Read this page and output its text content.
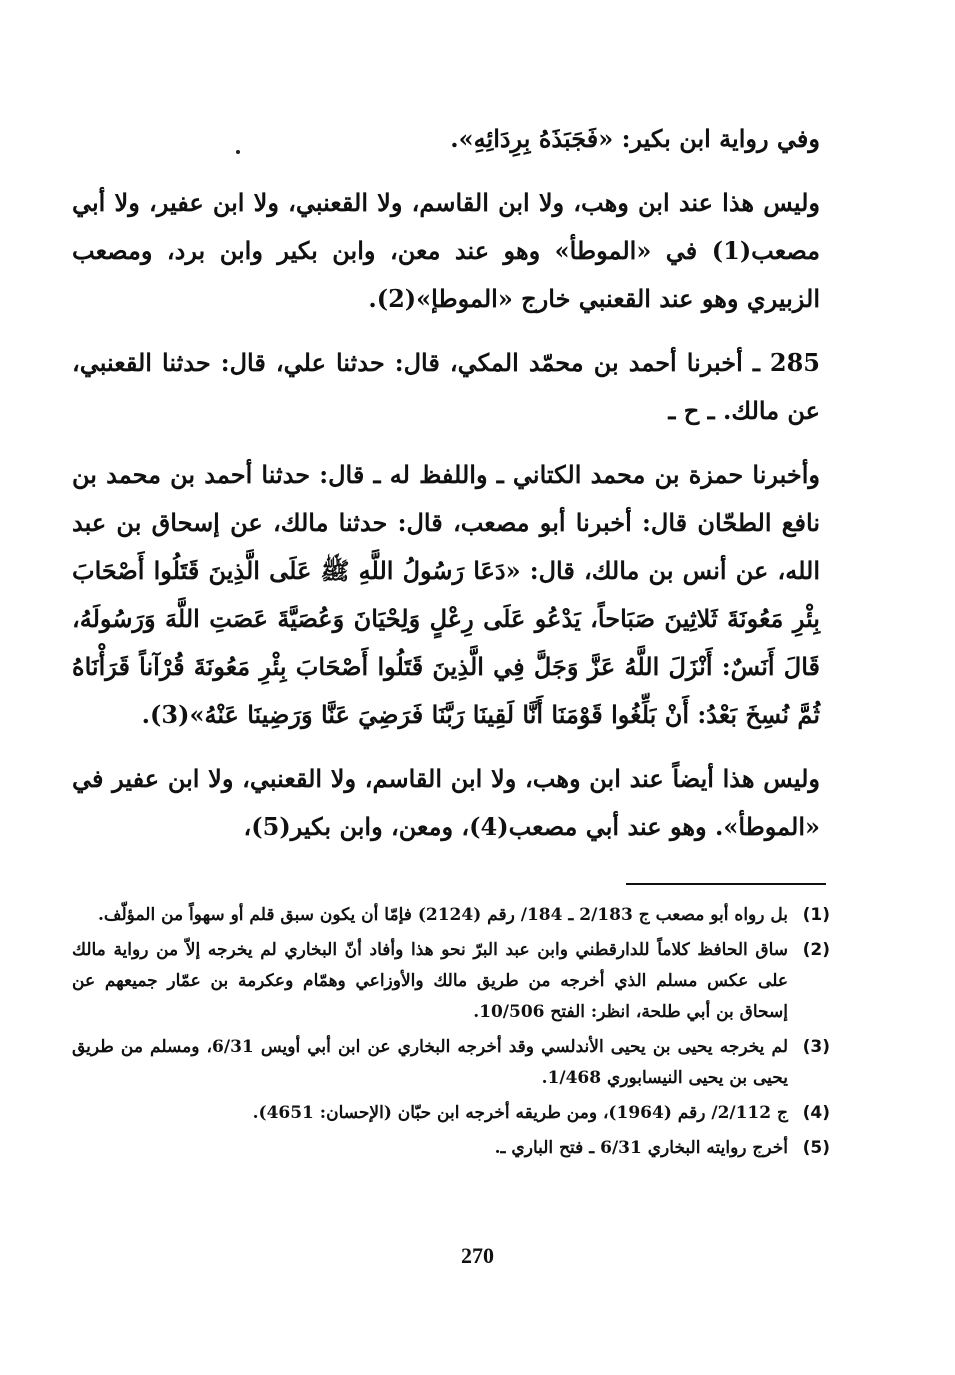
وفي رواية ابن بكير: «فَجَبَذَهُ بِرِدَائِهِ».

وليس هذا عند ابن وهب، ولا ابن القاسم، ولا القعنبي، ولا ابن عفير، ولا أبي مصعب(1) في «الموطأ» وهو عند معن، وابن بكير وابن برد، ومصعب الزبيري وهو عند القعنبي خارج «الموطإ»(2).

285ـ أخبرنا أحمد بن محمّد المكي، قال: حدثنا علي، قال: حدثنا القعنبي، عن مالك. ـ ح ـ

وأخبرنا حمزة بن محمد الكتاني ـ واللفظ له ـ قال: حدثنا أحمد بن محمد بن نافع الطحّان قال: أخبرنا أبو مصعب، قال: حدثنا مالك، عن إسحاق بن عبد الله، عن أنس بن مالك، قال: «دَعَا رَسُولُ اللَّهِ ﷺ عَلَى الَّذِينَ قَتَلُوا أَصْحَابَ بِئْرِ مَعُونَةَ ثَلاثِينَ صَبَاحاً، يَدْعُو عَلَى رِعْلٍ وَلِحْيَانَ وَعُصَيَّةَ عَصَتِ اللَّهَ وَرَسُولَهُ، قَالَ أَنَسٌ: أَنْزَلَ اللَّهُ عَزَّ وَجَلَّ فِي الَّذِينَ قَتَلُوا أَصْحَابَ بِئْرِ مَعُونَةَ قُرْآناً قَرَأْنَاهُ ثُمَّ نُسِخَ بَعْدُ: أَنْ بَلِّغُوا قَوْمَنَا أَنَّا لَقِينَا رَبَّنَا فَرَضِيَ عَنَّا وَرَضِينَا عَنْهُ»(3).

وليس هذا أيضاً عند ابن وهب، ولا ابن القاسم، ولا القعنبي، ولا ابن عفير في «الموطأ». وهو عند أبي مصعب(4)، ومعن، وابن بكير(5)،

(1)
بل رواه أبو مصعب ج 2/183 ـ 184/ رقم (2124) فإمّا أن يكون سبق قلم أو سهواً من المؤلّف.
(2)
ساق الحافظ كلاماً للدارقطني وابن عبد البرّ نحو هذا وأفاد أنّ البخاري لم يخرجه إلاّ من رواية مالك على عكس مسلم الذي أخرجه من طريق مالك والأوزاعي وهمّام وعكرمة بن عمّار جميعهم عن إسحاق بن أبي طلحة، انظر: الفتح 10/506.
(3)
لم يخرجه يحيى بن يحيى الأندلسي وقد أخرجه البخاري عن ابن أبي أويس 6/31، ومسلم من طريق يحيى بن يحيى النيسابوري 1/468.
(4)
ج 2/112/ رقم (1964)، ومن طريقه أخرجه ابن حبّان (الإحسان: 4651).
(5)
أخرج روايته البخاري 6/31 ـ فتح الباري ـ.
270
